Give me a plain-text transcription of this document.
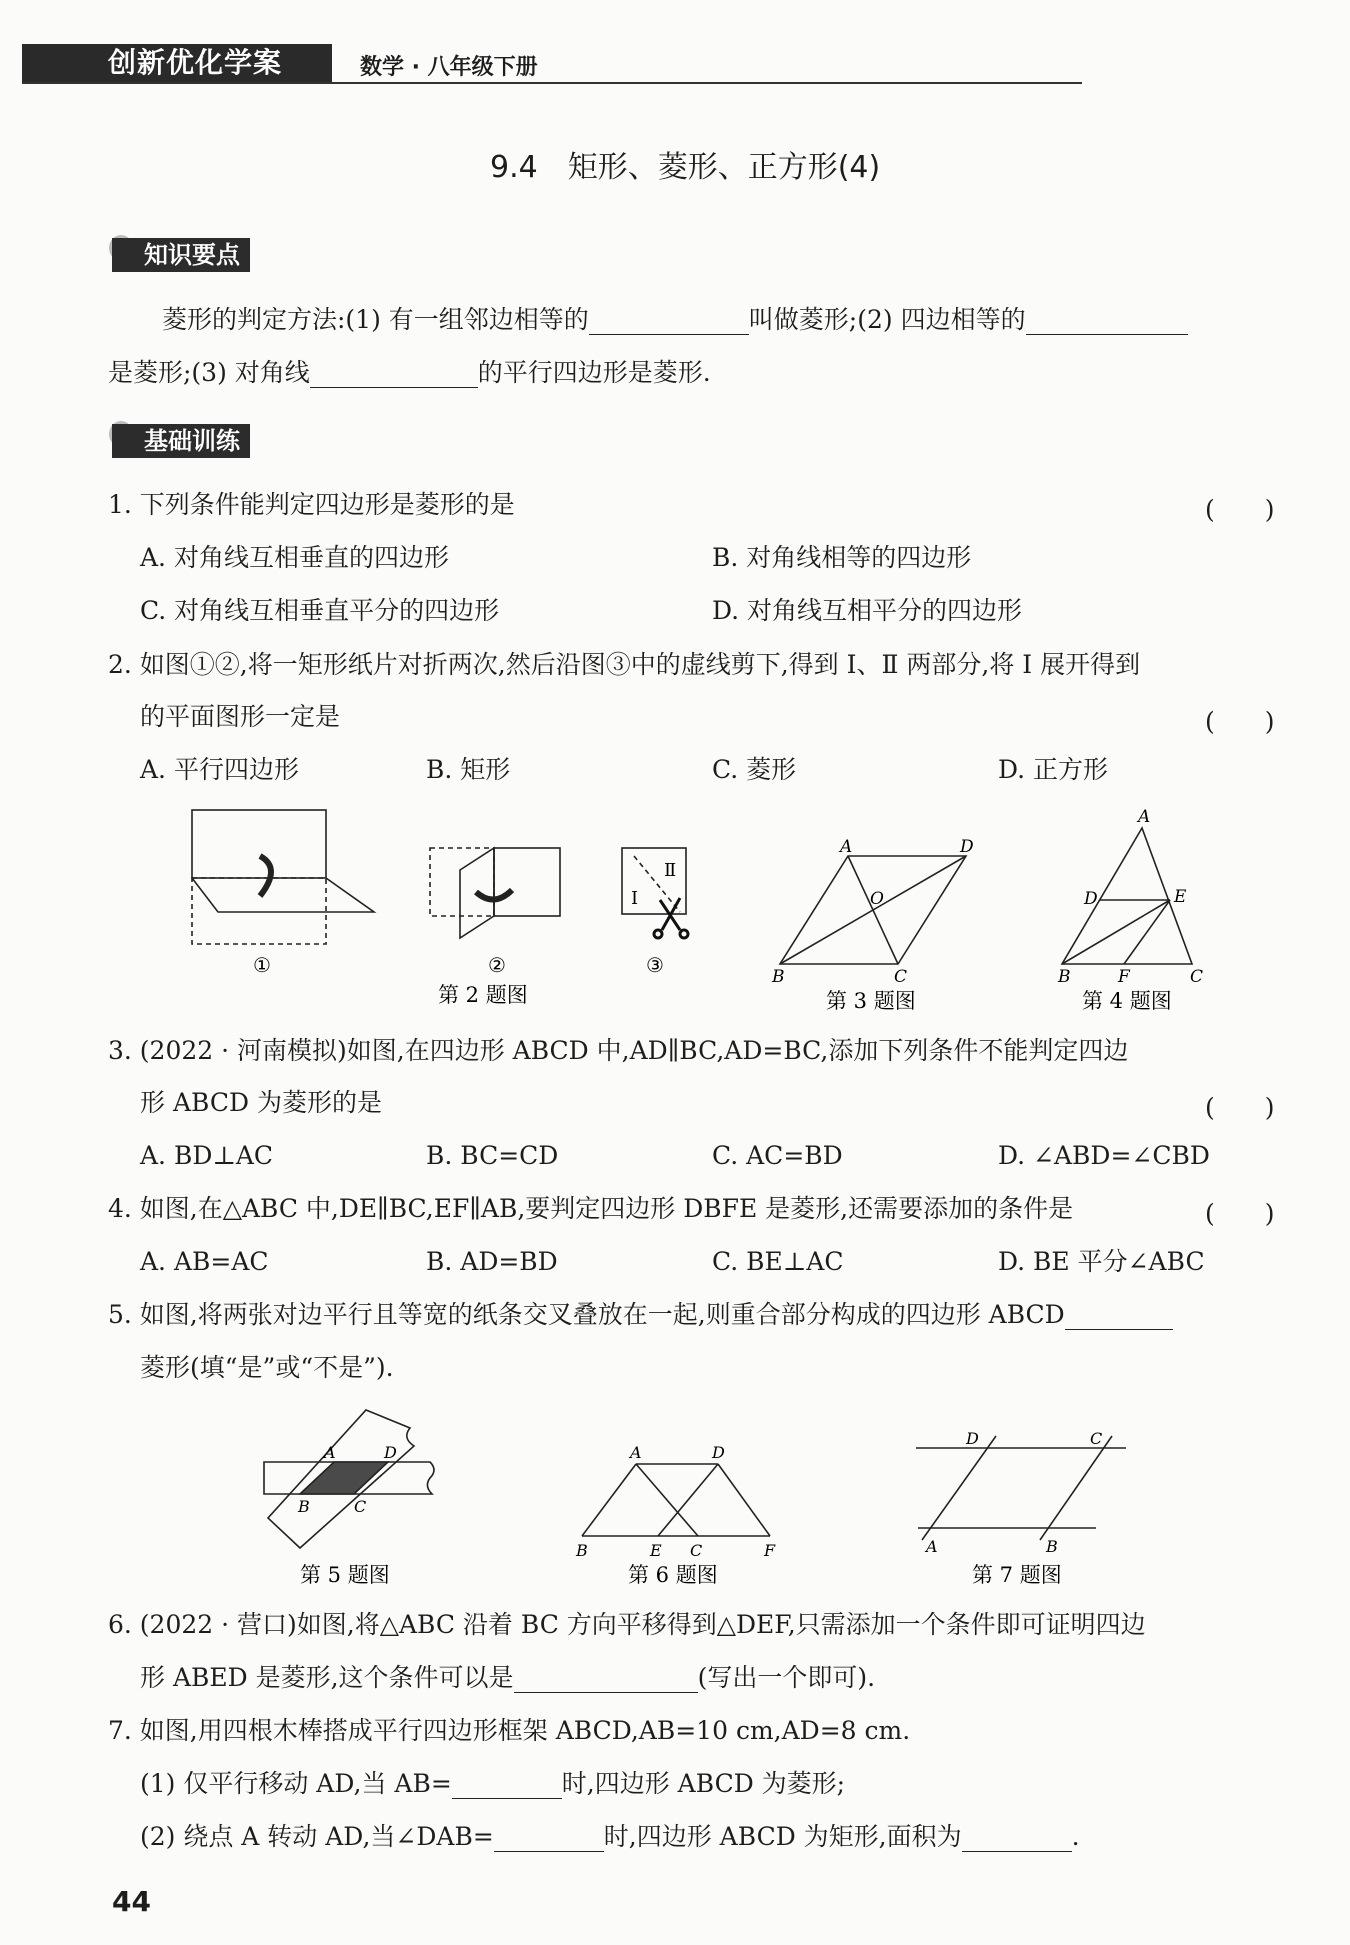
创新优化学案	数学 · 八年级下册
9.4　矩形、菱形、正方形(4)
知识要点
菱形的判定方法:(1) 有一组邻边相等的	叫做菱形;(2) 四边相等的
是菱形;(3) 对角线	的平行四边形是菱形.
基础训练
1. 下列条件能判定四边形是菱形的是	(　　)
A. 对角线互相垂直的四边形	B. 对角线相等的四边形
C. 对角线互相垂直平分的四边形	D. 对角线互相平分的四边形
2. 如图①②,将一矩形纸片对折两次,然后沿图③中的虚线剪下,得到 Ⅰ、Ⅱ 两部分,将 Ⅰ 展开得到
的平面图形一定是	(　　)
A. 平行四边形	B. 矩形	C. 菱形	D. 正方形
①	②
Ⅱ
Ⅰ
③
第 2 题图
A	D
O
B	C
第 3 题图
A
D	E
B	F	C
第 4 题图
3. (2022 · 河南模拟)如图,在四边形 ABCD 中,AD∥BC,AD=BC,添加下列条件不能判定四边
形 ABCD 为菱形的是	(　　)
A. BD⊥AC	B. BC=CD	C. AC=BD	D. ∠ABD=∠CBD
4. 如图,在△ABC 中,DE∥BC,EF∥AB,要判定四边形 DBFE 是菱形,还需要添加的条件是	(　　)
A. AB=AC	B. AD=BD	C. BE⊥AC	D. BE 平分∠ABC
5. 如图,将两张对边平行且等宽的纸条交叉叠放在一起,则重合部分构成的四边形 ABCD
菱形(填“是”或“不是”).
A	D
B	C
第 5 题图
A	D
B	E C	F
第 6 题图
D	C
A	B
第 7 题图
6. (2022 · 营口)如图,将△ABC 沿着 BC 方向平移得到△DEF,只需添加一个条件即可证明四边
形 ABED 是菱形,这个条件可以是	(写出一个即可).
7. 如图,用四根木棒搭成平行四边形框架 ABCD,AB=10 cm,AD=8 cm.
(1) 仅平行移动 AD,当 AB=	时,四边形 ABCD 为菱形;
(2) 绕点 A 转动 AD,当∠DAB=	时,四边形 ABCD 为矩形,面积为	.
44
